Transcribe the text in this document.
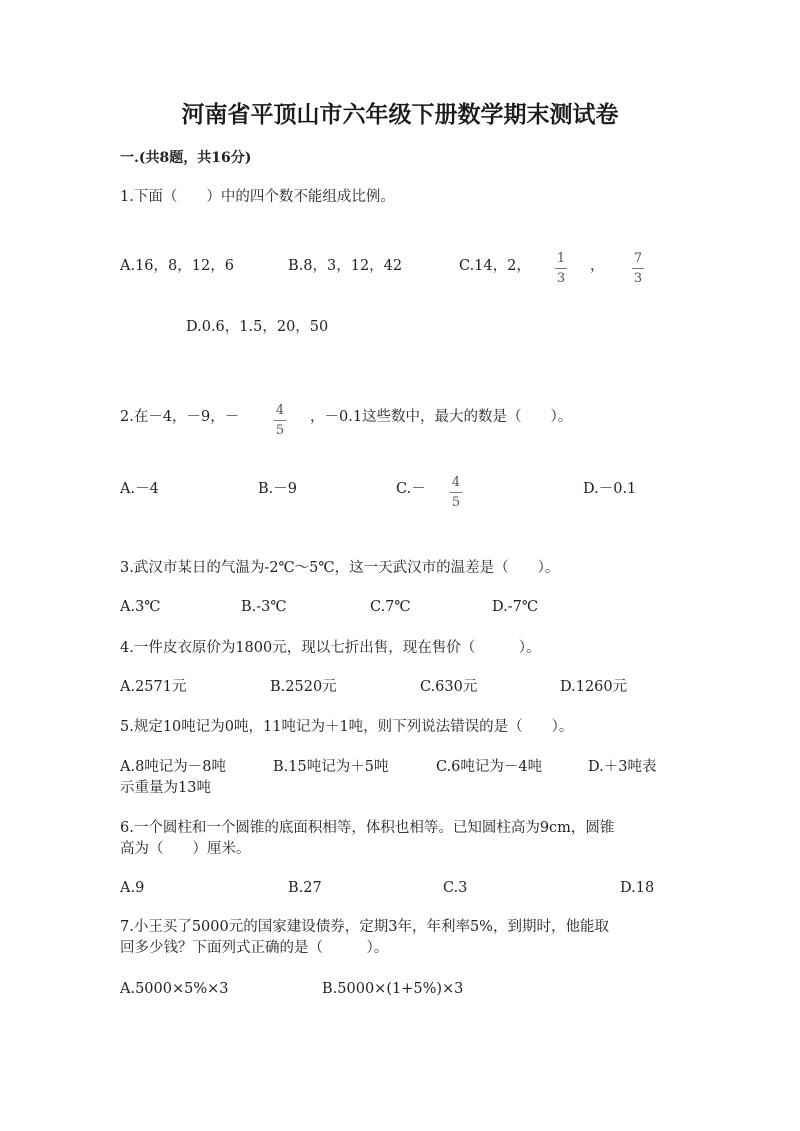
河南省平顶山市六年级下册数学期末测试卷
一.(共8题，共16分)
1.下面（　　）中的四个数不能组成比例。
A.16，8，12，6	B.8，3，12，42	C.14，2， 1
3
， 7
3
D.0.6，1.5，20，50
2.在－4，－9，－	4
5
，－0.1这些数中，最大的数是（　　）。
A.－4	B.－9	C.－ 4
5
D.－0.1
3.武汉市某日的气温为-2℃～5℃，这一天武汉市的温差是（　　）。
A.3℃	B.-3℃	C.7℃	D.-7℃
4.一件皮衣原价为1800元，现以七折出售，现在售价（　　　）。
A.2571元	B.2520元	C.630元	D.1260元
5.规定10吨记为0吨，11吨记为＋1吨，则下列说法错误的是（　　）。
A.8吨记为－8吨	B.15吨记为＋5吨	C.6吨记为－4吨	D.＋3吨表
示重量为13吨
6.一个圆柱和一个圆锥的底面积相等，体积也相等。已知圆柱高为9cm，圆锥
高为（　　）厘米。
A.9	B.27	C.3	D.18
7.小王买了5000元的国家建设债券，定期3年，年利率5%，到期时，他能取
回多少钱？下面列式正确的是（　　　）。
A.5000×5%×3	B.5000×(1+5%)×3
